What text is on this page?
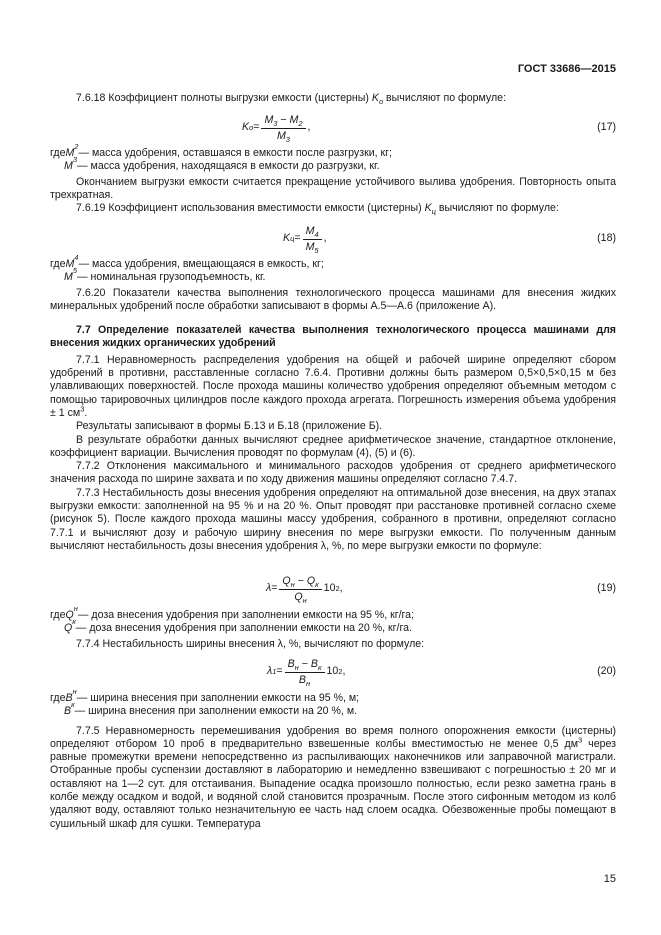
ГОСТ 33686—2015

7.6.18 Коэффициент полноты выгрузки емкости (цистерны) $K_о$ вычисляют по формуле:

K $о = \frac{M_3 - M_2}{M_3}$ ,	(17)
где M
2
— масса удобрения, оставшаяся в емкости после разгрузки, кг;
M
3
— масса удобрения, находящаяся в емкости до разгрузки, кг.

Окончанием выгрузки емкости считается прекращение устойчивого вылива удобрения. Повторность опыта трехкратная.

7.6.19 Коэффициент использования вместимости емкости (цистерны) $K_ц$ вычисляют по формуле:

K $ц = \frac{M_4}{M_5}$ ,	(18)
где M
4
— масса удобрения, вмещающаяся в емкость, кг;
M
5
— номинальная грузоподъемность, кг.

7.6.20 Показатели качества выполнения технологического процесса машинами для внесения жидких минеральных удобрений после обработки записывают в формы А.5—А.6 (приложение А).

7.7 Определение показателей качества выполнения технологического процесса машинами для внесения жидких органических удобрений

7.7.1 Неравномерность распределения удобрения на общей и рабочей ширине определяют сбором удобрений в противни, расставленные согласно 7.6.4. Противни должны быть размером 0,5×0,5×0,15 м без улавливающих поверхностей. После прохода машины количество удобрения определяют объемным методом с помощью тарировочных цилиндров после каждого прохода агрегата. Погрешность измерения объема удобрения ± 1 $см^3$.

Результаты записывают в формы Б.13 и Б.18 (приложение Б).

В результате обработки данных вычисляют среднее арифметическое значение, стандартное отклонение, коэффициент вариации. Вычисления проводят по формулам (4), (5) и (6).

7.7.2 Отклонения максимального и минимального расходов удобрения от среднего арифметического значения расхода по ширине захвата и по ходу движения машины определяют согласно 7.4.7.

7.7.3 Нестабильность дозы внесения удобрения определяют на оптимальной дозе внесения, на двух этапах выгрузки емкости: заполненной на 95 % и на 20 %. Опыт проводят при расстановке противней согласно схеме (рисунок 5). После каждого прохода машины массу удобрения, собранного в противни, определяют согласно 7.7.1 и вычисляют дозу и рабочую ширину внесения по мере выгрузки емкости. По полученным данным вычисляют нестабильность дозы внесения удобрения λ, %, по мере выгрузки емкости по формуле:

$\lambda = \frac{Q_н - Q_к}{Q_н} 10$ 2 ,	(19)
где Q
н
— доза внесения удобрения при заполнении емкости на 95 %, кг/га;
Q
к
— доза внесения удобрения при заполнении емкости на 20 %, кг/га.

7.7.4 Нестабильность ширины внесения λ, %, вычисляют по формуле:

λ $1 = \frac{B_н - B_к}{B_н} 10$ 2 ,	(20)
где B
н
— ширина внесения при заполнении емкости на 95 %, м;
B
к
— ширина внесения при заполнении емкости на 20 %, м.

7.7.5 Неравномерность перемешивания удобрения во время полного опорожнения емкости (цистерны) определяют отбором 10 проб в предварительно взвешенные колбы вместимостью не менее 0,5 $дм^3$ через равные промежутки времени непосредственно из распыливающих наконечников или заправочной магистрали. Отобранные пробы суспензии доставляют в лабораторию и немедленно взвешивают с погрешностью ± 20 мг и оставляют на 1—2 сут. для отстаивания. Выпадение осадка произошло полностью, если резко заметна грань в колбе между осадком и водой, и водяной слой становится прозрачным. После этого сифонным методом из колб удаляют воду, оставляют только незначительную ее часть над слоем осадка. Обезвоженные пробы помещают в сушильный шкаф для сушки. Температура

15
